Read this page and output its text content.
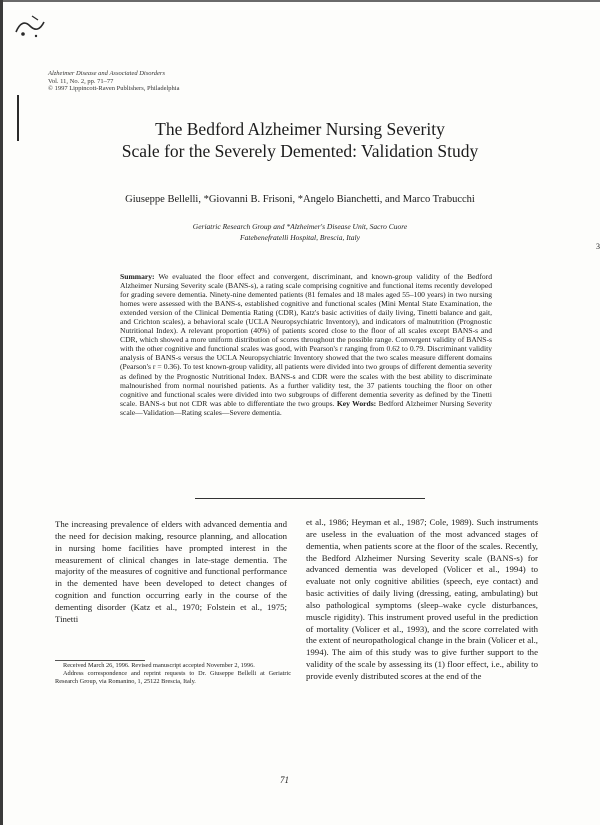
Alzheimer Disease and Associated Disorders
Vol. 11, No. 2, pp. 71–77
© 1997 Lippincott-Raven Publishers, Philadelphia
The Bedford Alzheimer Nursing Severity
Scale for the Severely Demented: Validation Study
Giuseppe Bellelli, *Giovanni B. Frisoni, *Angelo Bianchetti, and Marco Trabucchi
Geriatric Research Group and *Alzheimer's Disease Unit, Sacro Cuore
Fatebenefratelli Hospital, Brescia, Italy
3
Summary: We evaluated the floor effect and convergent, discriminant, and known-group validity of the Bedford Alzheimer Nursing Severity scale (BANS-s), a rating scale comprising cognitive and functional items recently developed for grading severe dementia. Ninety-nine demented patients (81 females and 18 males aged 55–100 years) in two nursing homes were assessed with the BANS-s, established cognitive and functional scales (Mini Mental State Examination, the extended version of the Clinical Dementia Rating (CDR), Katz's basic activities of daily living, Tinetti balance and gait, and Crichton scales), a behavioral scale (UCLA Neuropsychiatric Inventory), and indicators of malnutrition (Prognostic Nutritional Index). A relevant proportion (40%) of patients scored close to the floor of all scales except BANS-s and CDR, which showed a more uniform distribution of scores throughout the possible range. Convergent validity of BANS-s with the other cognitive and functional scales was good, with Pearson's r ranging from 0.62 to 0.79. Discriminant validity analysis of BANS-s versus the UCLA Neuropsychiatric Inventory showed that the two scales measure different domains (Pearson's r = 0.36). To test known-group validity, all patients were divided into two groups of different dementia severity as defined by the Prognostic Nutritional Index. BANS-s and CDR were the scales with the best ability to discriminate malnourished from normal nourished patients. As a further validity test, the 37 patients touching the floor on other cognitive and functional scales were divided into two subgroups of different dementia severity as defined by the Tinetti scale. BANS-s but not CDR was able to differentiate the two groups. Key Words: Bedford Alzheimer Nursing Severity scale—Validation—Rating scales—Severe dementia.
The increasing prevalence of elders with advanced dementia and the need for decision making, resource planning, and allocation in nursing home facilities have prompted interest in the measurement of clinical changes in late-stage dementia. The majority of the measures of cognitive and functional performance in the demented have been developed to detect changes of cognition and function occurring early in the course of the dementing disorder (Katz et al., 1970; Folstein et al., 1975; Tinetti
et al., 1986; Heyman et al., 1987; Cole, 1989). Such instruments are useless in the evaluation of the most advanced stages of dementia, when patients score at the floor of the scales. Recently, the Bedford Alzheimer Nursing Severity scale (BANS-s) for advanced dementia was developed (Volicer et al., 1994) to evaluate not only cognitive abilities (speech, eye contact) and basic activities of daily living (dressing, eating, ambulating) but also pathological symptoms (sleep–wake cycle disturbances, muscle rigidity). This instrument proved useful in the prediction of mortality (Volicer et al., 1993), and the score correlated with the extent of neuropathological change in the brain (Volicer et al., 1994). The aim of this study was to give further support to the validity of the scale by assessing its (1) floor effect, i.e., ability to provide evenly distributed scores at the end of the

Received March 26, 1996. Revised manuscript accepted November 2, 1996.

Address correspondence and reprint requests to Dr. Giuseppe Bellelli at Geriatric Research Group, via Romanino, 1, 25122 Brescia, Italy.

71
